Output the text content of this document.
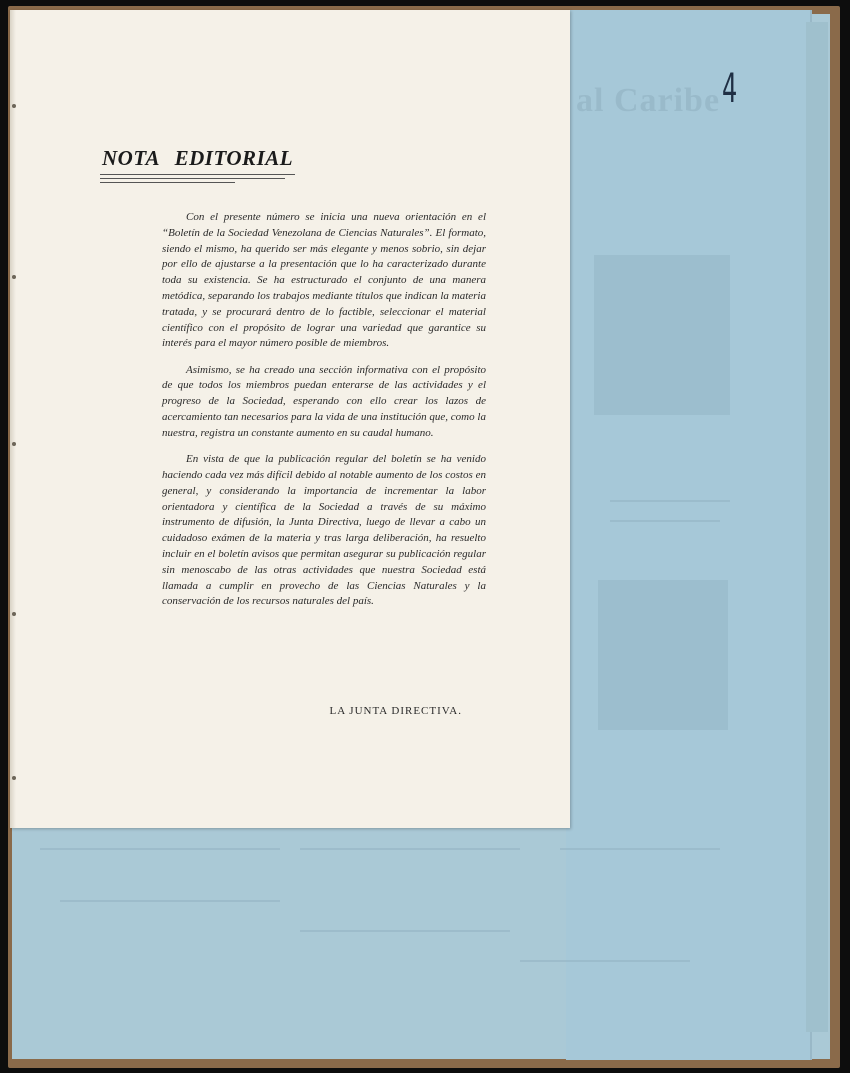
al Caribe 4
NOTA EDITORIAL

Con el presente número se inicia una nueva orientación en el “Boletín de la Sociedad Venezolana de Ciencias Naturales”. El formato, siendo el mismo, ha querido ser más elegante y menos sobrio, sin dejar por ello de ajustarse a la presentación que lo ha caracterizado durante toda su existencia. Se ha estructurado el conjunto de una manera metódica, separando los trabajos mediante títulos que indican la materia tratada, y se procurará dentro de lo factible, seleccionar el material científico con el propósito de lograr una variedad que garantice su interés para el mayor número posible de miembros.

Asimismo, se ha creado una sección informativa con el propósito de que todos los miembros puedan enterarse de las actividades y el progreso de la Sociedad, esperando con ello crear los lazos de acercamiento tan necesarios para la vida de una institución que, como la nuestra, registra un constante aumento en su caudal humano.

En vista de que la publicación regular del boletín se ha venido haciendo cada vez más difícil debido al notable aumento de los costos en general, y considerando la importancia de incrementar la labor orientadora y científica de la Sociedad a través de su máximo instrumento de difusión, la Junta Directiva, luego de llevar a cabo un cuidadoso exámen de la materia y tras larga deliberación, ha resuelto incluir en el boletín avisos que permitan asegurar su publicación regular sin menoscabo de las otras actividades que nuestra Sociedad está llamada a cumplir en provecho de las Ciencias Naturales y la conservación de los recursos naturales del país.

LA JUNTA DIRECTIVA.
